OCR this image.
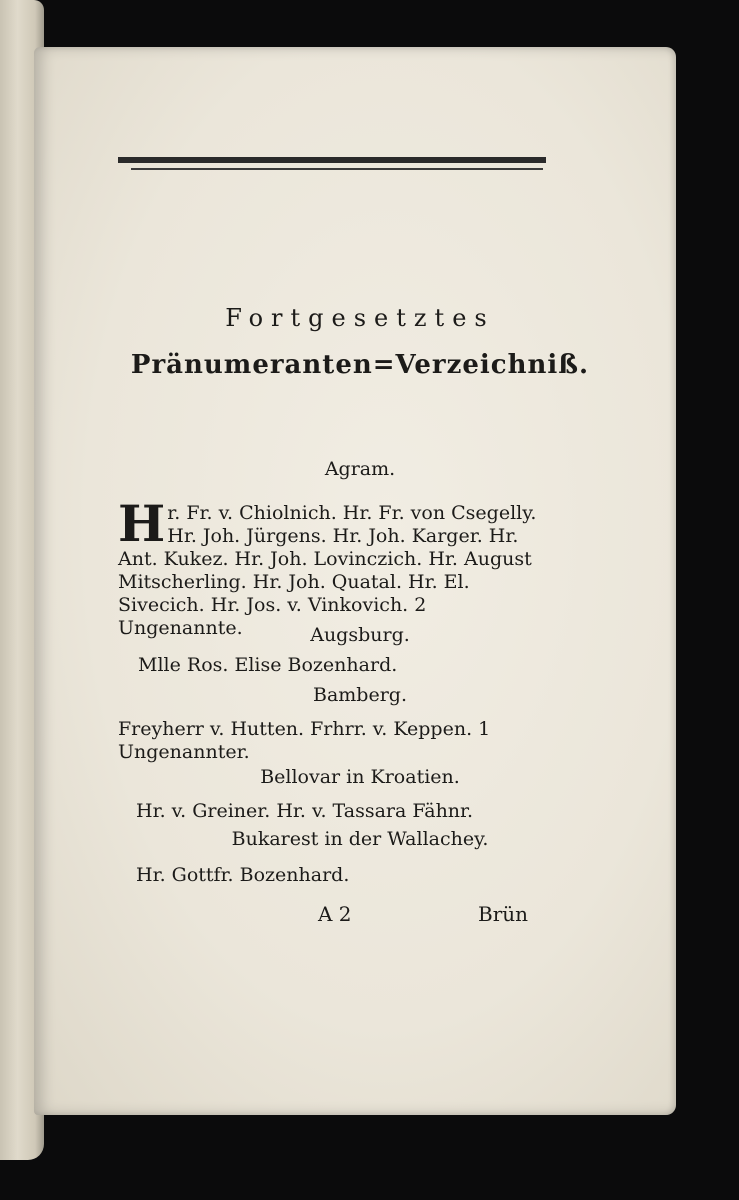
Fortgesetztes
Pränumeranten=Verzeichniß.
Agram.
Hr. Fr. v. Chiolnich. Hr. Fr. von Csegelly. Hr. Joh. Jürgens. Hr. Joh. Karger. Hr. Ant. Kukez. Hr. Joh. Lovinczich. Hr. August Mitscherling. Hr. Joh. Quatal. Hr. El. Sivecich. Hr. Jos. v. Vinkovich. 2 Ungenannte.	Augsburg.
Mlle Ros. Elise Bozenhard.
Bamberg.
Freyherr v. Hutten. Frhrr. v. Keppen. 1 Ungenannter.
Bellovar in Kroatien.
Hr. v. Greiner. Hr. v. Tassara Fähnr.
Bukarest in der Wallachey.
Hr. Gottfr. Bozenhard.
A 2	Brün
